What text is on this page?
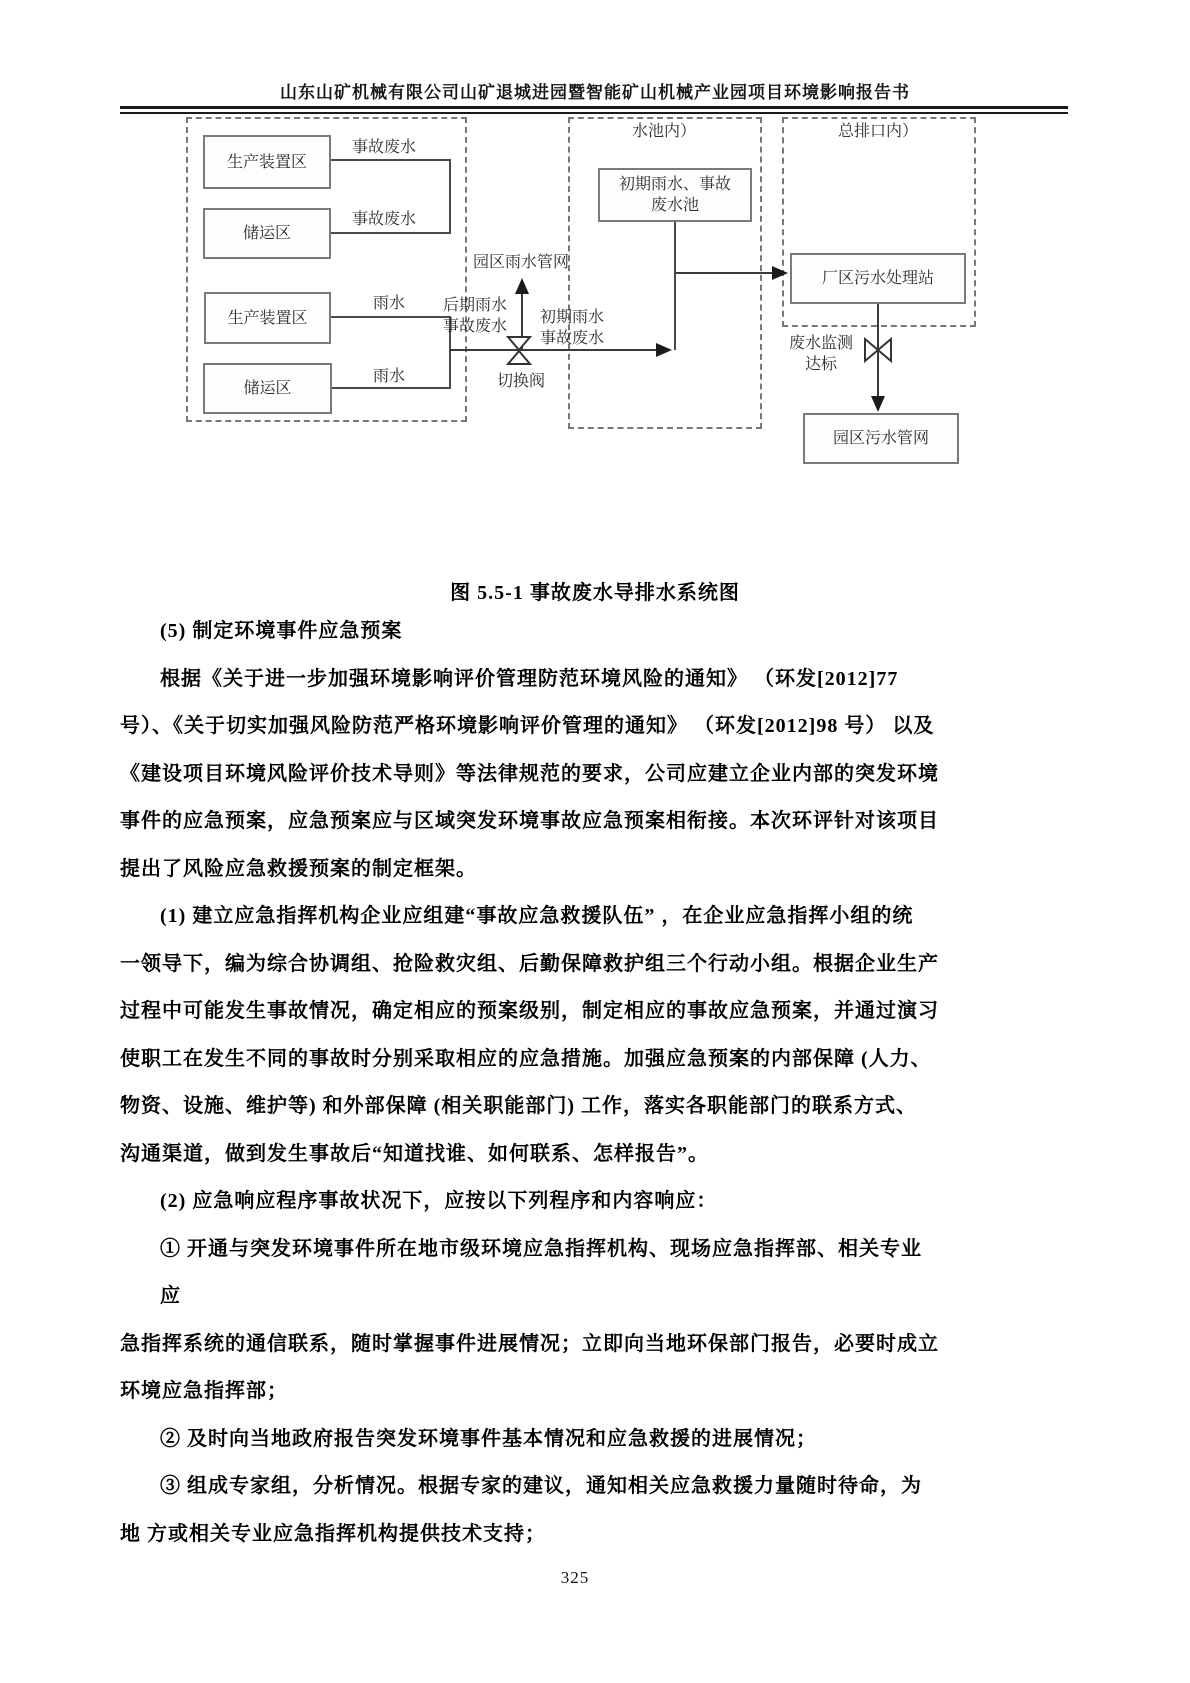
山东山矿机械有限公司山矿退城进园暨智能矿山机械产业园项目环境影响报告书
水池内）	总排口内）
生产装置区
储运区
生产装置区
储运区
初期雨水、事故
废水池
厂区污水处理站
园区污水管网
事故废水
事故废水
雨水
雨水
园区雨水管网
后期雨水
事故废水
初期雨水
事故废水
切换阀
废水监测
达标
图 5.5-1 事故废水导排水系统图
(5) 制定环境事件应急预案
根据《关于进一步加强环境影响评价管理防范环境风险的通知》 （环发[2012]77
号）、《关于切实加强风险防范严格环境影响评价管理的通知》 （环发[2012]98 号） 以及
《建设项目环境风险评价技术导则》等法律规范的要求，公司应建立企业内部的突发环境
事件的应急预案，应急预案应与区域突发环境事故应急预案相衔接。本次环评针对该项目
提出了风险应急救援预案的制定框架。
(1) 建立应急指挥机构企业应组建“事故应急救援队伍” ，在企业应急指挥小组的统
一领导下，编为综合协调组、抢险救灾组、后勤保障救护组三个行动小组。根据企业生产
过程中可能发生事故情况，确定相应的预案级别，制定相应的事故应急预案，并通过演习
使职工在发生不同的事故时分别采取相应的应急措施。加强应急预案的内部保障 (人力、
物资、设施、维护等) 和外部保障 (相关职能部门) 工作，落实各职能部门的联系方式、
沟通渠道，做到发生事故后“知道找谁、如何联系、怎样报告”。
(2) 应急响应程序事故状况下，应按以下列程序和内容响应：
① 开通与突发环境事件所在地市级环境应急指挥机构、现场应急指挥部、相关专业
应
急指挥系统的通信联系，随时掌握事件进展情况；立即向当地环保部门报告，必要时成立
环境应急指挥部；
② 及时向当地政府报告突发环境事件基本情况和应急救援的进展情况；
③ 组成专家组，分析情况。根据专家的建议，通知相关应急救援力量随时待命，为
地 方或相关专业应急指挥机构提供技术支持；
325
